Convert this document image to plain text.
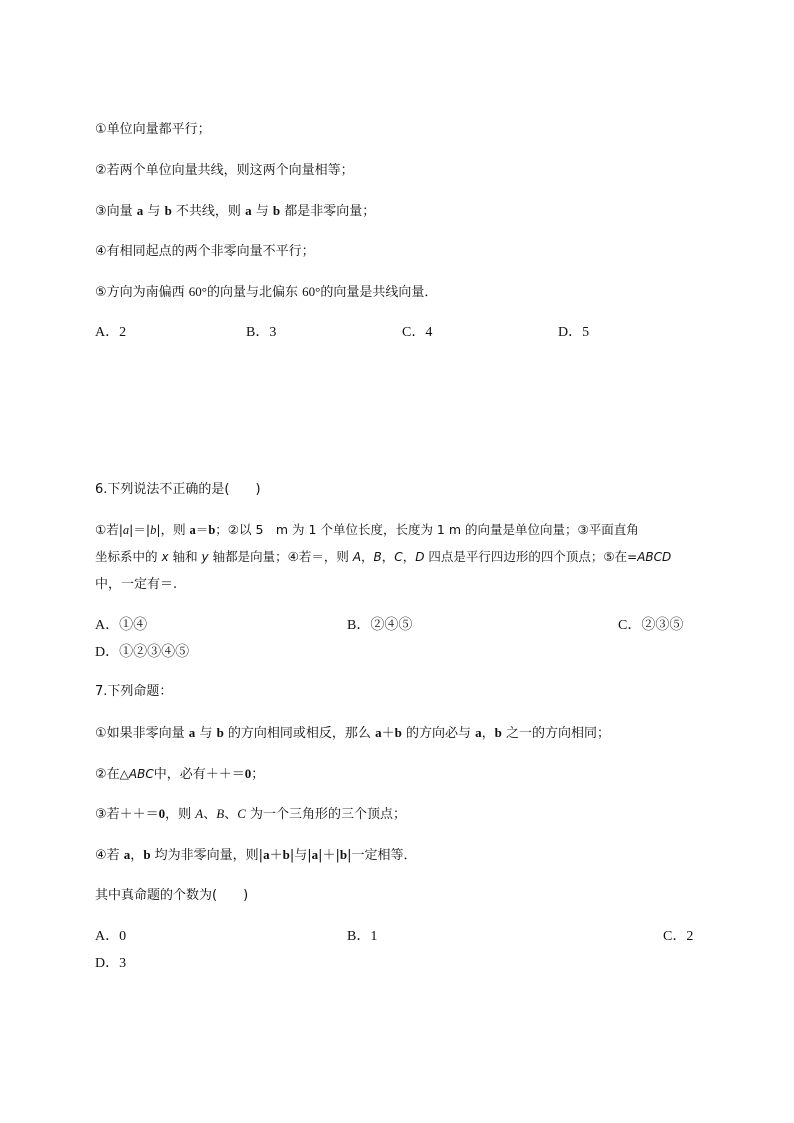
①单位向量都平行；
②若两个单位向量共线，则这两个向量相等；
③向量 a 与 b 不共线，则 a 与 b 都是非零向量；
④有相同起点的两个非零向量不平行；
⑤方向为南偏西 60°的向量与北偏东 60°的向量是共线向量．
A．2	B．3	C．4	D．5
6.下列说法不正确的是(　　)
①若|a|＝|b|，则 a＝b；②以 5　m 为 1 个单位长度，长度为 1 m 的向量是单位向量；③平面直角
坐标系中的 x 轴和 y 轴都是向量；④若＝，则 A，B，C，D 四点是平行四边形的四个顶点；⑤在=ABCD
中，一定有＝.
A．①④	B．②④⑤	C．②③⑤
D．①②③④⑤
7.下列命题：
①如果非零向量 a 与 b 的方向相同或相反，那么 a＋b 的方向必与 a，b 之一的方向相同；
②在△ABC中，必有＋＋＝0；
③若＋＋＝0，则 A、B、C 为一个三角形的三个顶点；
④若 a，b 均为非零向量，则|a＋b|与|a|＋|b|一定相等．
其中真命题的个数为(　　)
A．0	B．1	C．2
D．3
